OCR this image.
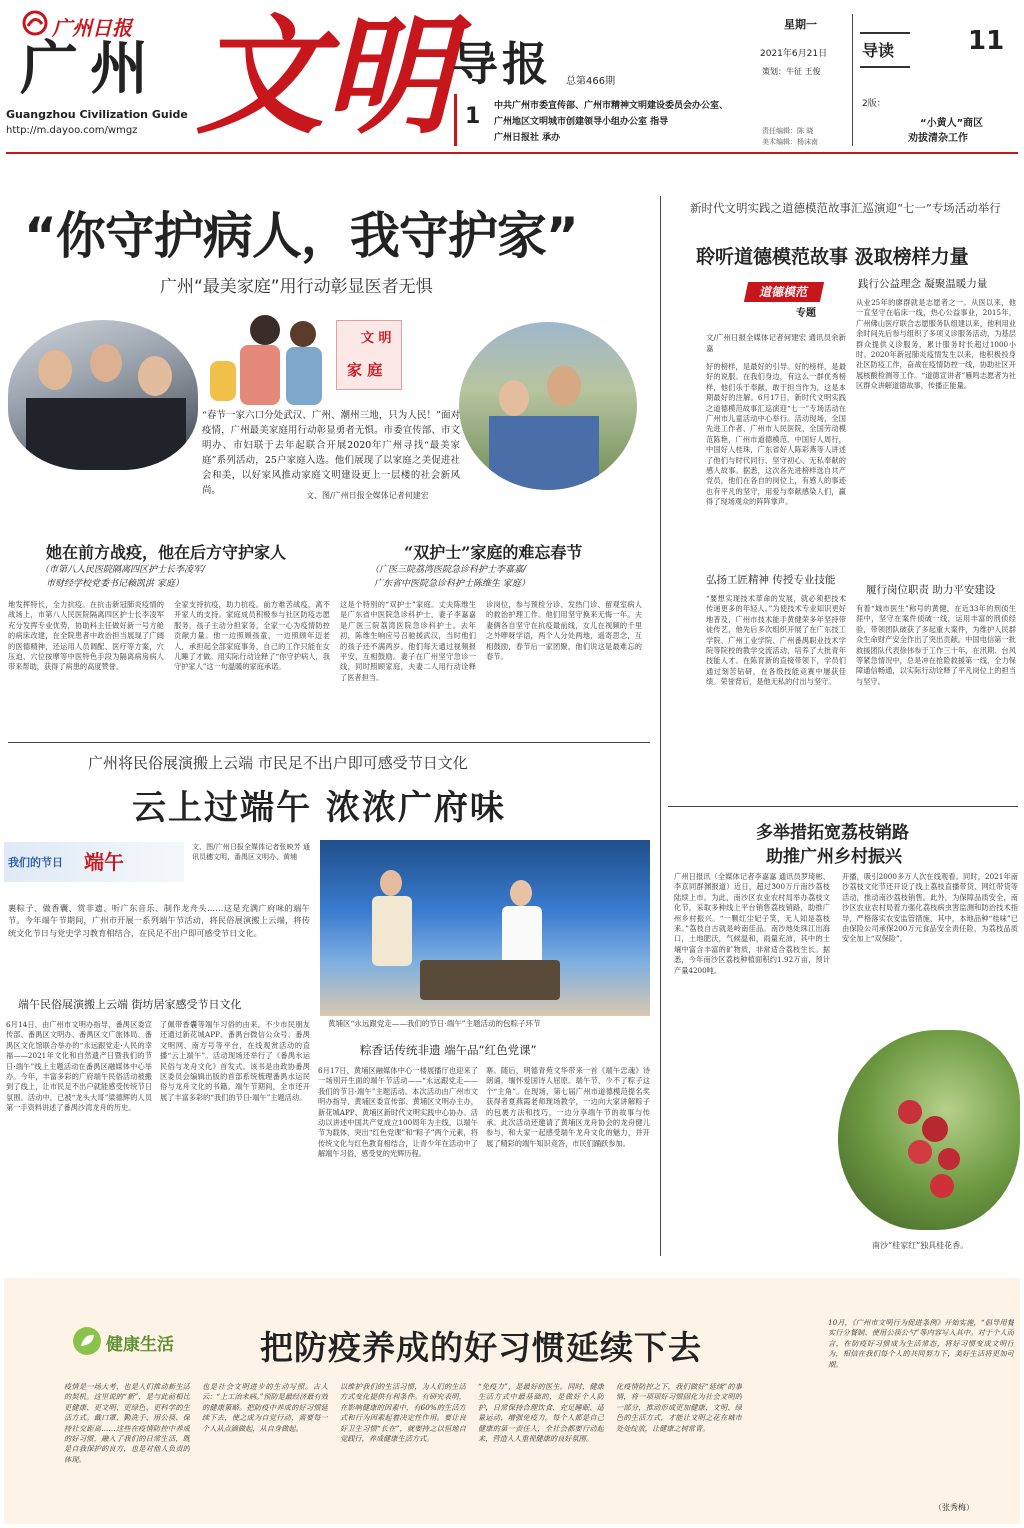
广州日报
广州 文明 导报 总第466期
Guangzhou Civilization Guide
http://m.dayoo.com/wmgz
1 中共广州市委宣传部、广州市精神文明建设委员会办公室、
广州地区文明城市创建领导小组办公室 指导
广州日报社 承办
星期一
2021年6月21日
策划：牛征 王俊
责任编辑：陈 晓
美术编辑：杨沫南
导读	11
2版：
“小黄人”商区
劝拔清杂工作
“你守护病人，我守护家”
广州“最美家庭”用行动彰显医者无惧
文 明
家 庭
“春节一家六口分处武汉、广州、潮州三地，只为人民！”面对疫情，广州最美家庭用行动彰显勇者无惧。市委宣传部、市文明办、市妇联于去年起联合开展2020年广州寻找“最美家庭”系列活动，25户家庭入选。他们展现了以家庭之美促进社会和美，以好家风推动家庭文明建设更上一层楼的社会新风尚。	文、图/广州日报全媒体记者何建宏
她在前方战疫，他在后方守护家人
（市第八人民医院隔离四区护士长李凌军/
市财经学校党委书记赖凯洪 家庭）
“双护士”家庭的难忘春节
（广医三院荔湾医院急诊科护士李嘉嘉/
广东省中医院急诊科护士陈维生 家庭）
地发挥特长，全力抗疫。在抗击新冠肺炎疫情的战场上，市第八人民医院隔离四区护士长李凌军充分发挥专业优势，协助科主任做好新一号方舱的病床改建，在全院患者中政治担当展现了广阔的医德精神，还运用人员调配、医疗等方案，穴压迫、穴位按摩等中医特色手段为隔离病房病人带来帮助，获得了病患的高度赞誉。
全家支持抗疫，助力抗疫。前方难苦战疫，离不开家人的支持。家庭成员积极参与社区防疫志愿服务，孩子主动分担家务，全家一心为疫情防控贡献力量。他一边照顾孩童，一边照顾年迈老人，承担起全部家庭事务，自己的工作只能在女儿睡了才做。用实际行动诠释了“你守护病人，我守护家人”这一句温暖的家庭承诺。
这是个特别的“双护士”家庭。丈夫陈维生是广东省中医院急诊科护士，妻子李嘉嘉是广医三院荔湾医院急诊科护士。去年初，陈维生响应号召驰援武汉，当时他们的孩子还不满两岁。他们每天通过视频报平安，互相鼓励。妻子在广州坚守急诊一线，同时照顾家庭，夫妻二人用行动诠释了医者担当。
诊岗位，参与预检分诊、发热门诊、留观室病人的救治护理工作。他们用坚守换来无悔一年。夫妻俩各自坚守在抗疫最前线，女儿在视频的千里之外咿呀学语，两个人分处两地，遥寄思念，互相鼓励，春节后一家团聚，他们说这是最难忘的春节。
广州将民俗展演搬上云端 市民足不出户即可感受节日文化
云上过端午 浓浓广府味
我们的节日 端午
文、图/广州日报全媒体记者张映芳 通讯员穗文明、番禺区文明办、黄埔
裹粽子、做香囊、赏非遗、听广东音乐、制作龙舟头……这是充满广府味的端午节。今年端午节期间，广州市开展一系列端午节活动，将民俗展演搬上云端，将传统文化节日与党史学习教育相结合，在民足不出户即可感受节日文化。
黄埔区“永远跟党走——我们的节日·端午”主题活动的包粽子环节
端午民俗展演搬上云端 街坊居家感受节日文化
6月14日，由广州市文明办指导，番禺区委宣传部、番禺区文明办、番禺区文广旅体局、番禺区文化馆联合举办的“永远跟党走·人民的幸福——2021年文化和自然遗产日暨我们的节日·端午”线上主题活动在番禺区融媒体中心举办。今年，丰富多彩的广府端午民俗活动被搬到了线上，让市民足不出户就能感受传统节日氛围。活动中，已被“龙头大哥”梁德辉的人员第一手资料讲述了番禺沙湾龙舟的历史。
了佩带香囊等端午习俗的由来。不少市民朋友还通过新花城APP、番禺台微信公众号、番禺文明网、南方号等平台，在线观赏活动的直播“云上端午”。活动现场还举行了《番禺水运民俗与龙舟文化》首发式。该书是由政协番禺区委员会编辑出版的首部系统梳理番禺水运民俗与龙舟文化的书籍。端午节期间，全市还开展了丰富多彩的“我们的节日·端午”主题活动。
粽香话传统非遗 端午品“红色党课”
6月17日，黄埔区融媒体中心一楼展播厅也迎来了一场别开生面的端午节活动——“永远跟党走——我们的节日·端午”主题活动。本次活动由广州市文明办指导，黄埔区委宣传部、黄埔区文明办主办，新花城APP、黄埔区新时代文明实践中心协办。活动以讲述中国共产党成立100周年为主线，以端午节为载体，突出“红色党课”和“粽子”两个元素，将传统文化与红色教育相结合，让青少年在活动中了解端午习俗，感受党的光辉历程。
寨。随后，明德青苑文华带来一首《端午忠魂》诗朗诵，缅怀爱国诗人屈原。端午节，少不了粽子这个“主角”。在现场，第七届广州市道德模范提名奖获得者夏燕霞老师现场教学，一边向大家讲解粽子的包裹方法和技巧，一边分享端午节的故事与传承。此次活动还邀请了黄埔区龙舟协会的龙舟健儿参与，和大家一起感受端午龙舟文化的魅力，并开展了精彩的端午知识竞答，市民们踊跃参加。
新时代文明实践之道德模范故事汇巡演迎“七一”专场活动举行
聆听道德模范故事 汲取榜样力量
道德模范
专题
文/广州日报全媒体记者何建宏 通讯员余新嘉
好的榜样，是最好的引导。好的榜样，是最好的说服。在我们身边，有这么一群优秀榜样，他们乐于奉献，敢于担当作为，这是本期最好的注解。6月17日，新时代文明实践之道德模范故事汇巡演迎“七一”专场活动在广州市儿童活动中心举行。活动现场，全国先进工作者、广州市人民医院、全国劳动模范陈艳，广州市道德模范、中国好人周行，中国好人桂珠，广东省好人陈彩燕等人讲述了他们与时代同行、坚守初心、无私奉献的感人故事。据悉，这次各先进榜样选自共产党员，他们在各自的岗位上，有感人的事迹也有平凡的坚守，用爱与奉献感染人们，赢得了现场观众的阵阵掌声。
弘扬工匠精神 传授专业技能
“要想实现技术革命的发展，就必须把技术传递更多的年轻人。”为使技术专业知识更好地普及，广州市技术能手黄健荣多年坚持带徒传艺，他先后多次组织开展了在广东技工学院、广州工业学院、广州番禺职业技术学院等院校的教学交流活动，培养了大批青年技能人才。在陈育新的直接带领下，学员们通过刻苦钻研，在各级技能竞赛中屡获佳绩。荣誉背后，是他无私的付出与坚守。
践行公益理念 凝聚温暖力量
从业25年的廖群就是志愿者之一。从医以来，他一直坚守在临床一线，热心公益事业，2015年，广州佛山医疗联合志愿服务队组建以来，他利用业余时间先后参与组织了多项义诊服务活动，为基层群众提供义诊服务，累计服务时长超过1000小时。2020年新冠肺炎疫情发生以来，他积极投身社区防疫工作，奋战在疫情防控一线，协助社区开展核酸检测等工作。“道德宣讲者”雁鸣志愿者为社区群众讲解道德故事，传播正能量。
履行岗位职责 助力平安建设
有着“城市医生”称号的黄健，在近33年的刑侦生涯中，坚守在案件侦破一线，运用丰富的刑侦经验，带领团队破获了多起重大案件，为维护人民群众生命财产安全作出了突出贡献。中国电信第一批救援团队代表徐伟参于工作三十年，在汛期、台风等紧急情况中，总是冲在抢险救援第一线，全力保障通信畅通，以实际行动诠释了平凡岗位上的担当与坚守。
多举措拓宽荔枝销路
助推广州乡村振兴
广州日报讯（全媒体记者李嘉嘉 通讯员罗琦彬、李京同群渊报道）近日，超过300万斤南沙荔枝陆续上市。为此，南沙区农业农村局举办荔枝文化节，采取多种线上平台销售荔枝销路，助推广州乡村振兴。“一颗红尘妃子笑，无人知是荔枝来。”荔枝自古就是岭南佳品。南沙地处珠江出海口，土地肥沃，气候温和，雨量充沛，其中的土壤中富含丰富的矿物质，非常适合荔枝生长。据悉，今年南沙区荔枝种植面积约1.92万亩，预计产量4200吨。
开播，吸引2000多万人次在线观看。同时，2021年南沙荔枝文化节还开设了线上荔枝直播带货、网红带货等活动，推动南沙荔枝销售。此外，为保障品质安全，南沙区农业农村局着力强化荔枝病虫害监测和防治技术指导，严格落实农安监管措施，其中，本地品种“桂味”已由保险公司承保200万元食品安全责任险，为荔枝品质安全加上“双保险”。
南沙“桂家红”独具桂花香。
健康生活	把防疫养成的好习惯延续下去
疫情是一场大考，也是人们推动新生活的契机。这里说的“新”，是与此前相比更健康、更文明、更绿色、更科学的生活方式。戴口罩、勤洗手、用公筷、保持社交距离……这些在疫情防控中养成的好习惯，融入了我们的日常生活，既是自我保护的良方，也是对他人负责的体现。
也是社会文明进步的生动写照。古人云：“上工治未病。”预防是最经济最有效的健康策略。把防疫中养成的好习惯延续下去，使之成为自觉行动，需要每一个人从点滴做起，从自身做起。
以维护我们的生活习惯，为人们的生活方式变化提供有利条件。有研究表明，在影响健康的因素中，有60%的生活方式和行为因素起着决定性作用。要让良好卫生习惯“长在”，就要持之以恒地自觉践行，养成健康生活方式。
“免疫力”，是最好的医生。同时，健康生活方式中最基础的，是做好个人防护，日常保持合理饮食、充足睡眠、适量运动，增强免疫力。每个人都是自己健康的第一责任人，全社会都要行动起来，营造人人重视健康的良好氛围。
化疫情防控之下，我们做好“延续”的事情，将一项项好习惯固化为社会文明的一部分，推动形成更加健康、文明、绿色的生活方式，才能让文明之花在城市处处绽放，让健康之树常青。
10月，《广州市文明行为促进条例》开始实施，“倡导用餐实行分餐制、使用公筷公勺”等内容写入其中。对于个人而言，在防疫好习惯成为生活常态，将好习惯变成文明行为，相信在我们每个人的共同努力下，美好生活将更加可期。
（张秀梅）
